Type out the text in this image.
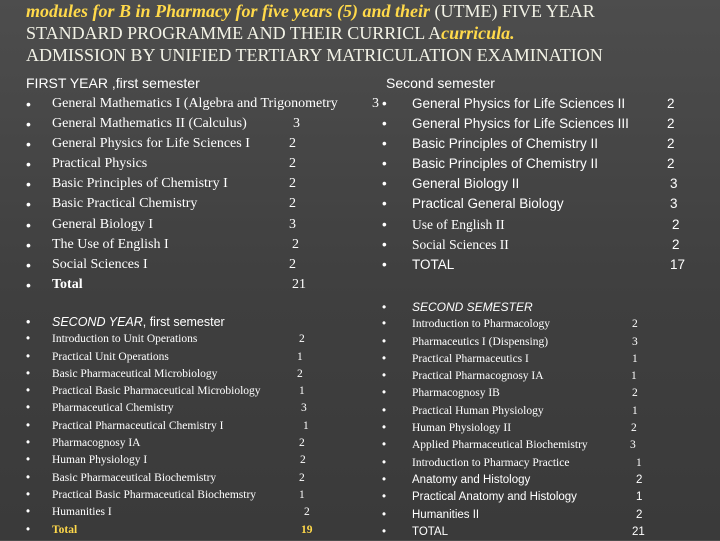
modules for B in Pharmacy for five years (5) and their (UTME) FIVE YEAR
STANDARD PROGRAMME AND THEIR CURRICL Acurricula.
ADMISSION BY UNIFIED TERTIARY MATRICULATION EXAMINATION
FIRST YEAR ,first semester
• General Mathematics I (Algebra and Trigonometry 3
• General Mathematics II (Calculus)	3
• General Physics for Life Sciences I	2
• Practical Physics	2
• Basic Principles of Chemistry I	2
• Basic Practical Chemistry	2
• General Biology I	3
• The Use of English I	2
• Social Sciences I	2
• Total	21
Second semester
• General Physics for Life Sciences II	2
• General Physics for Life Sciences III	2
• Basic Principles of Chemistry II	2
• Basic Principles of Chemistry II	2
• General Biology II	3
• Practical General Biology	3
• Use of English II	2
• Social Sciences II	2
• TOTAL	17
• SECOND YEAR, first semester
• Introduction to Unit Operations	2
• Practical Unit Operations	1
• Basic Pharmaceutical Microbiology	2
• Practical Basic Pharmaceutical Microbiology	1
• Pharmaceutical Chemistry	3
• Practical Pharmaceutical Chemistry I	1
• Pharmacognosy IA	2
• Human Physiology I	2
• Basic Pharmaceutical Biochemistry	2
• Practical Basic Pharmaceutical Biochemstry	1
• Humanities I	2
• Total	19
• SECOND SEMESTER
• Introduction to Pharmacology	2
• Pharmaceutics I (Dispensing)	3
• Practical Pharmaceutics I	1
• Practical Pharmacognosy IA	1
• Pharmacognosy IB	2
• Practical Human Physiology	1
• Human Physiology II	2
• Applied Pharmaceutical Biochemistry	3
• Introduction to Pharmacy Practice	1
• Anatomy and Histology	2
• Practical Anatomy and Histology	1
• Humanities II	2
• TOTAL	21
